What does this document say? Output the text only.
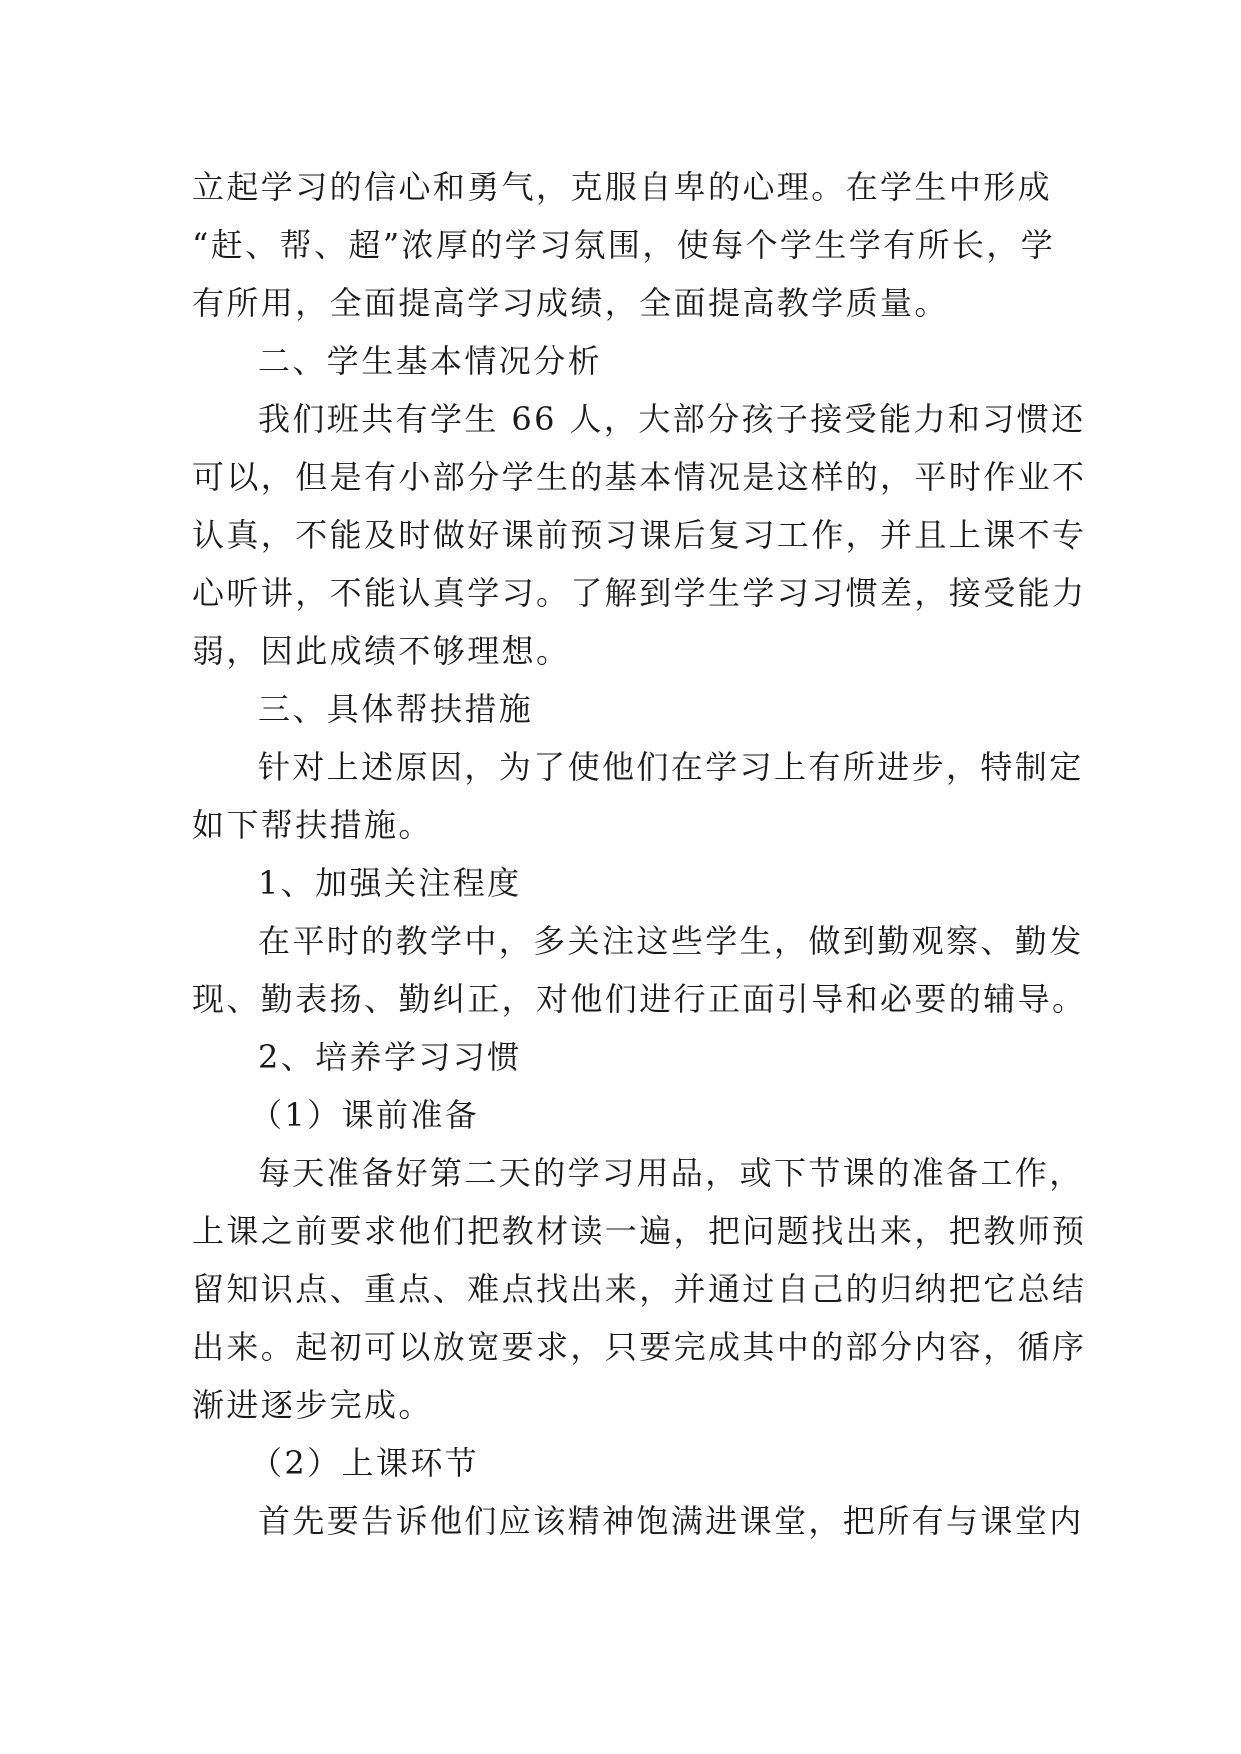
立起学习的信心和勇气，克服自卑的心理。在学生中形成
“赶、帮、超”浓厚的学习氛围，使每个学生学有所长，学
有所用，全面提高学习成绩，全面提高教学质量。
二、学生基本情况分析
我们班共有学生 66 人，大部分孩子接受能力和习惯还
可以，但是有小部分学生的基本情况是这样的，平时作业不
认真，不能及时做好课前预习课后复习工作，并且上课不专
心听讲，不能认真学习。了解到学生学习习惯差，接受能力
弱，因此成绩不够理想。
三、具体帮扶措施
针对上述原因，为了使他们在学习上有所进步，特制定
如下帮扶措施。
1、加强关注程度
在平时的教学中，多关注这些学生，做到勤观察、勤发
现、勤表扬、勤纠正，对他们进行正面引导和必要的辅导。
2、培养学习习惯
（1）课前准备
每天准备好第二天的学习用品，或下节课的准备工作，
上课之前要求他们把教材读一遍，把问题找出来，把教师预
留知识点、重点、难点找出来，并通过自己的归纳把它总结
出来。起初可以放宽要求，只要完成其中的部分内容，循序
渐进逐步完成。
（2）上课环节
首先要告诉他们应该精神饱满进课堂，把所有与课堂内
